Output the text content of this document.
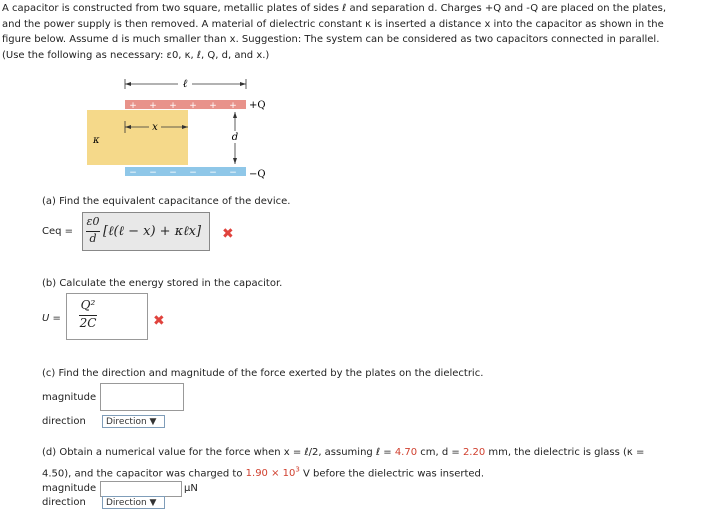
A capacitor is constructed from two square, metallic plates of sides ℓ and separation d. Charges +Q and -Q are placed on the plates,
and the power supply is then removed. A material of dielectric constant κ is inserted a distance x into the capacitor as shown in the
figure below. Assume d is much smaller than x. Suggestion: The system can be considered as two capacitors connected in parallel.
(Use the following as necessary: ε0, κ, ℓ, Q, d, and x.)
+ + + + + +
− − − − − −
ℓ
x
d
κ
+Q
−Q
(a) Find the equivalent capacitance of the device.
Ceq =
ε0
d [ℓ(ℓ − x) + κℓx] ✖
(b) Calculate the energy stored in the capacitor.
U =
Q²
2C	✖
(c) Find the direction and magnitude of the force exerted by the plates on the dielectric.
magnitude
direction	Direction ▼
(d) Obtain a numerical value for the force when x = ℓ/2, assuming ℓ = 4.70 cm, d = 2.20 mm, the dielectric is glass (κ =
4.50), and the capacitor was charged to $1.90 \times 10^3$ V before the dielectric was inserted.
magnitude	μN
direction	Direction ▼
